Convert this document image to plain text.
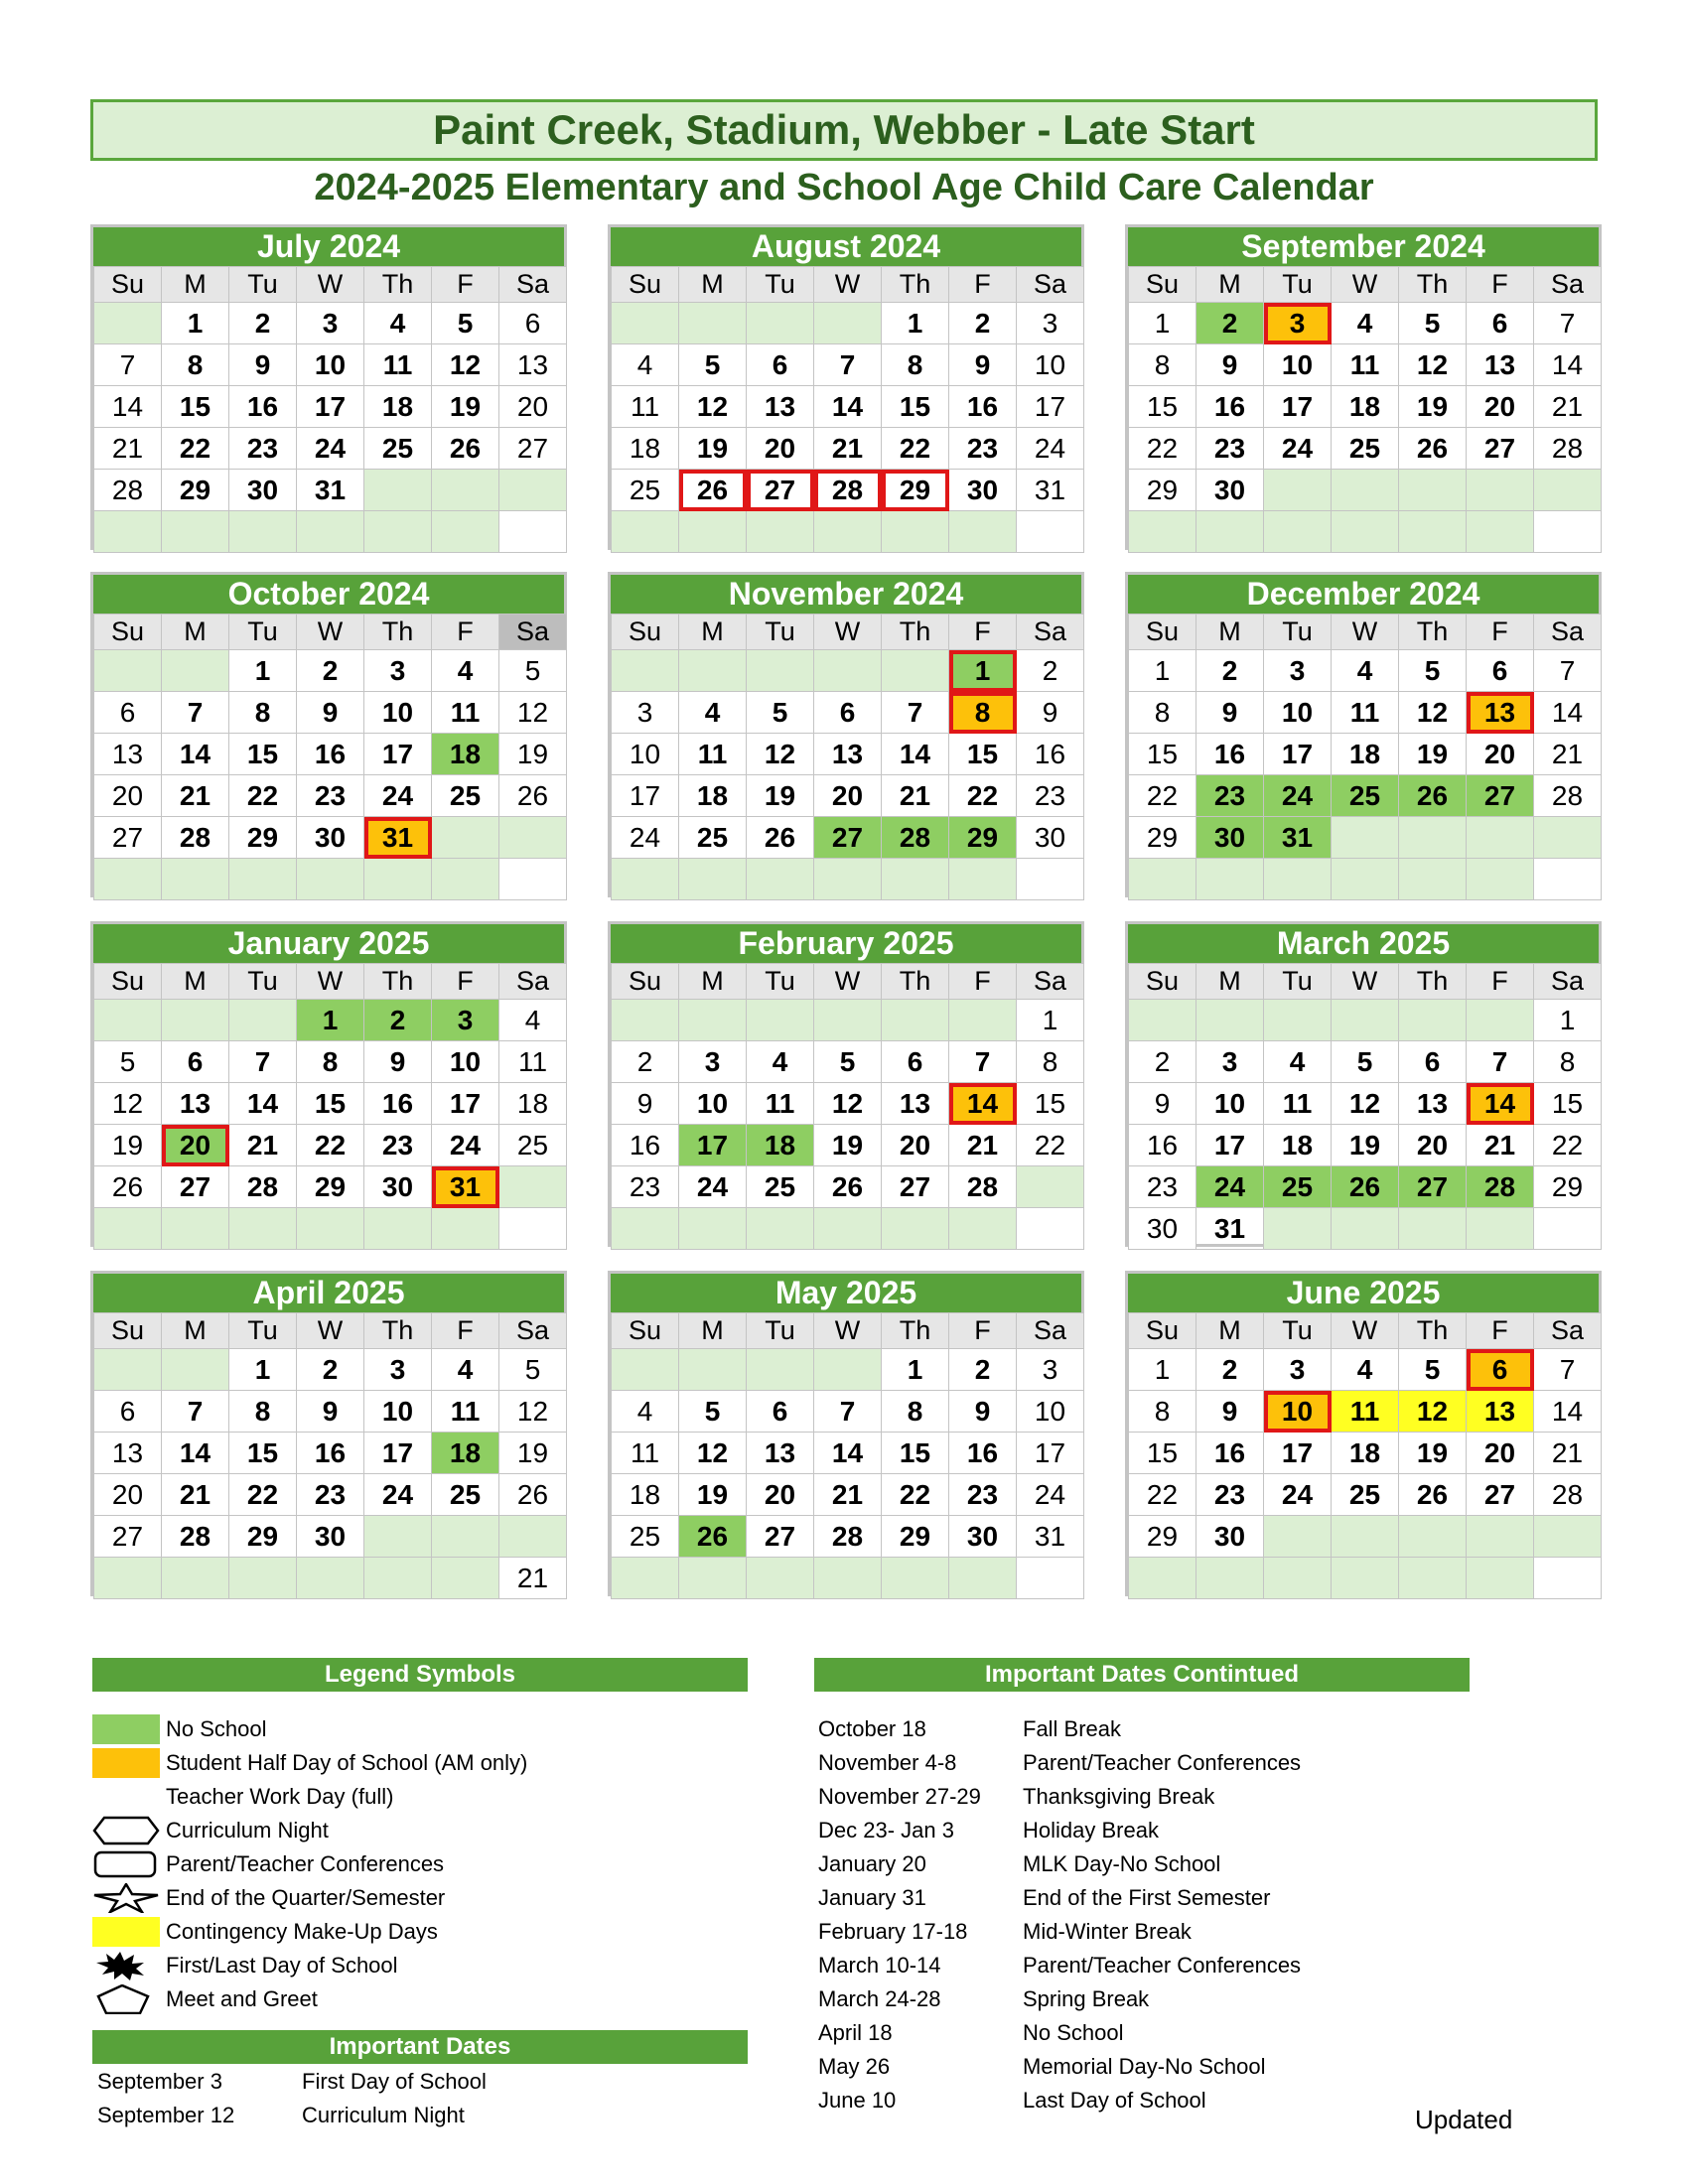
Paint Creek, Stadium, Webber - Late Start
2024-2025 Elementary and School Age Child Care Calendar
July 2024
Su	M	Tu	W	Th	F	Sa
	1	2	3	4	5	6
7	8	9	10	11	12	13
14	15	16	17	18	19	20
21	22	23	24	25	26	27
28	29	30	31			

August 2024
Su	M	Tu	W	Th	F	Sa
				1	2	3
4	5	6	7	8	9	10
11	12	13	14	15	16	17
18	19	20	21	22	23	24
25	26	27	28	29	30	31

September 2024
Su	M	Tu	W	Th	F	Sa
1	2	3	4	5	6	7
8	9	10	11	12	13	14
15	16	17	18	19	20	21
22	23	24	25	26	27	28
29	30					

October 2024
Su	M	Tu	W	Th	F	Sa
		1	2	3	4	5
6	7	8	9	10	11	12
13	14	15	16	17	18	19
20	21	22	23	24	25	26
27	28	29	30	31		

November 2024
Su	M	Tu	W	Th	F	Sa
					1	2
3	4	5	6	7	8	9
10	11	12	13	14	15	16
17	18	19	20	21	22	23
24	25	26	27	28	29	30

December 2024
Su	M	Tu	W	Th	F	Sa
1	2	3	4	5	6	7
8	9	10	11	12	13	14
15	16	17	18	19	20	21
22	23	24	25	26	27	28
29	30	31				

January 2025
Su	M	Tu	W	Th	F	Sa
			1	2	3	4
5	6	7	8	9	10	11
12	13	14	15	16	17	18
19	20	21	22	23	24	25
26	27	28	29	30	31	

February 2025
Su	M	Tu	W	Th	F	Sa
						1
2	3	4	5	6	7	8
9	10	11	12	13	14	15
16	17	18	19	20	21	22
23	24	25	26	27	28	

March 2025
Su	M	Tu	W	Th	F	Sa
						1
2	3	4	5	6	7	8
9	10	11	12	13	14	15
16	17	18	19	20	21	22
23	24	25	26	27	28	29
30	31					
April 2025
Su	M	Tu	W	Th	F	Sa
		1	2	3	4	5
6	7	8	9	10	11	12
13	14	15	16	17	18	19
20	21	22	23	24	25	26
27	28	29	30			
						21
May 2025
Su	M	Tu	W	Th	F	Sa
				1	2	3
4	5	6	7	8	9	10
11	12	13	14	15	16	17
18	19	20	21	22	23	24
25	26	27	28	29	30	31

June 2025
Su	M	Tu	W	Th	F	Sa
1	2	3	4	5	6	7
8	9	10	11	12	13	14
15	16	17	18	19	20	21
22	23	24	25	26	27	28
29	30					

Legend Symbols
No School
Student Half Day of School (AM only)
Teacher Work Day (full)
Curriculum Night
Parent/Teacher Conferences
End of the Quarter/Semester
Contingency Make-Up Days
First/Last Day of School
Meet and Greet
Important Dates
September 3	First Day of School
September 12	Curriculum Night
Important Dates Contintued
October 18	Fall Break
November 4-8	Parent/Teacher Conferences
November 27-29 Thanksgiving Break
Dec 23- Jan 3	Holiday Break
January 20	MLK Day-No School
January 31	End of the First Semester
February 17-18	Mid-Winter Break
March 10-14	Parent/Teacher Conferences
March 24-28	Spring Break
April 18	No School
May 26	Memorial Day-No School
June 10	Last Day of School
Updated
